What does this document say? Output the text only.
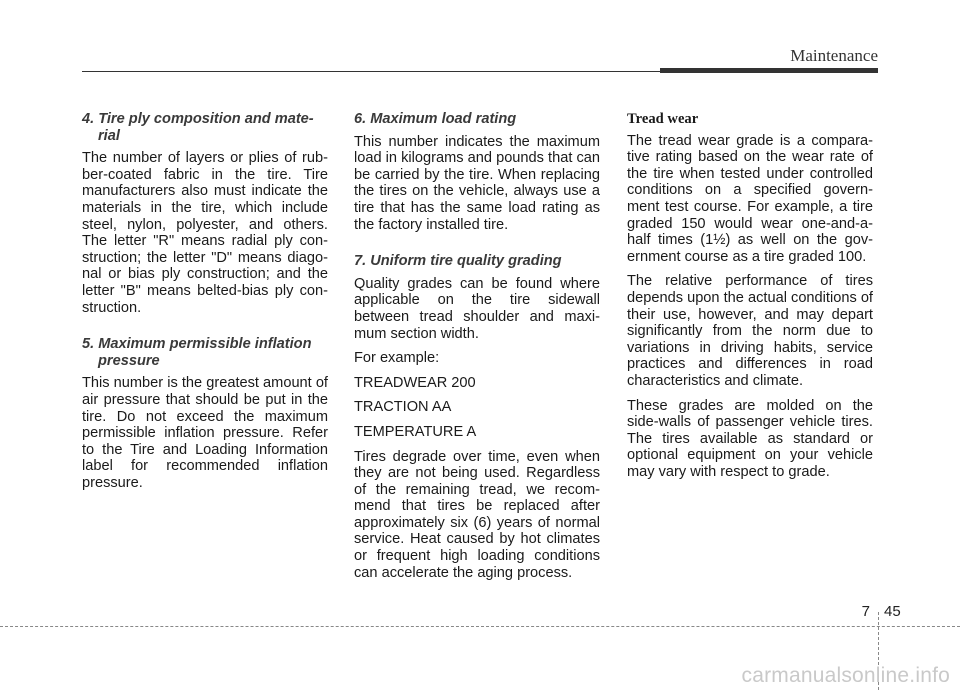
Maintenance
4. Tire ply composition and mate- rial

The number of layers or plies of rub- ber-coated fabric in the tire. Tire manufacturers also must indicate the materials in the tire, which include steel, nylon, polyester, and others. The letter "R" means radial ply con- struction; the letter "D" means diago- nal or bias ply construction; and the letter "B" means belted-bias ply con- struction.

5. Maximum permissible inflation pressure

This number is the greatest amount of air pressure that should be put in the tire. Do not exceed the maximum permissible inflation pressure. Refer to the Tire and Loading Information label for recommended inflation pressure.

6. Maximum load rating

This number indicates the maximum load in kilograms and pounds that can be carried by the tire. When replacing the tires on the vehicle, always use a tire that has the same load rating as the factory installed tire.

7. Uniform tire quality grading

Quality grades can be found where applicable on the tire sidewall between tread shoulder and maxi- mum section width.

For example:

TREADWEAR 200

TRACTION AA

TEMPERATURE A

Tires degrade over time, even when they are not being used. Regardless of the remaining tread, we recom- mend that tires be replaced after approximately six (6) years of normal service. Heat caused by hot climates or frequent high loading conditions can accelerate the aging process.

Tread wear

The tread wear grade is a compara- tive rating based on the wear rate of the tire when tested under controlled conditions on a specified govern- ment test course. For example, a tire graded 150 would wear one-and-a- half times (1½) as well on the gov- ernment course as a tire graded 100.

The relative performance of tires depends upon the actual conditions of their use, however, and may depart significantly from the norm due to variations in driving habits, service practices and differences in road characteristics and climate.

These grades are molded on the side-walls of passenger vehicle tires. The tires available as standard or optional equipment on your vehicle may vary with respect to grade.

7 45
carmanualsonline.info
